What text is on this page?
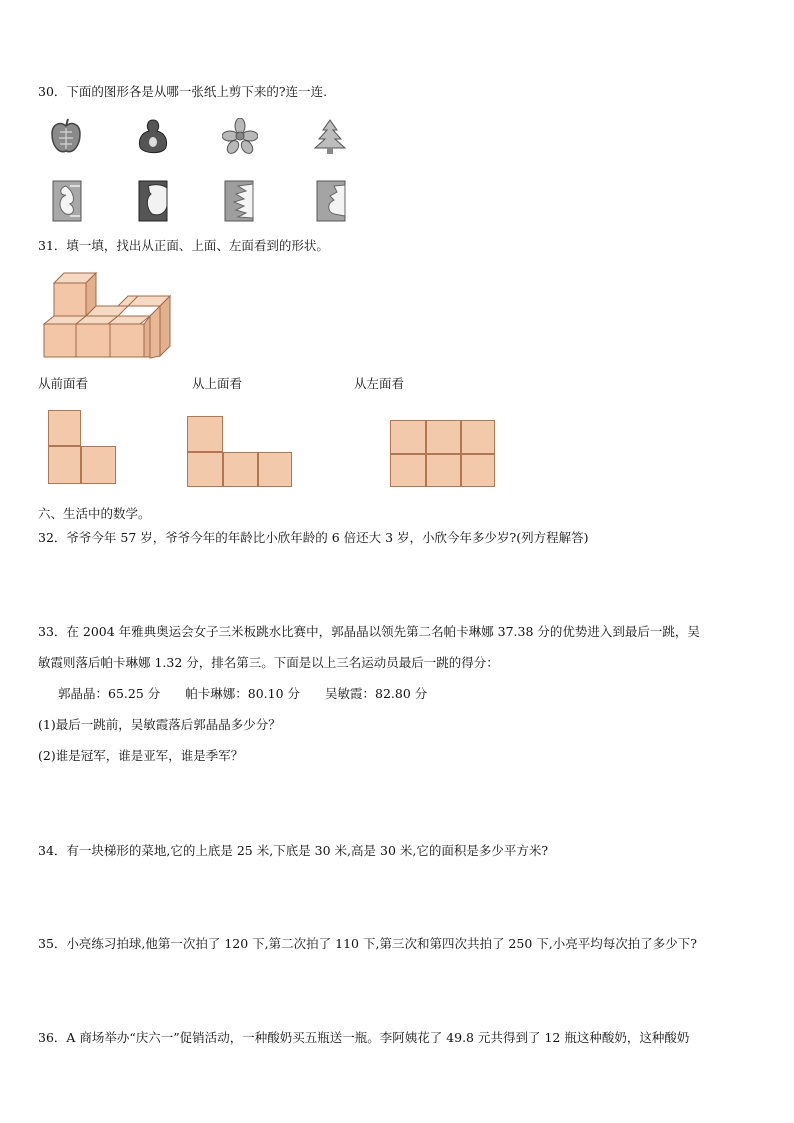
30．下面的图形各是从哪一张纸上剪下来的?连一连.
31．填一填，找出从正面、上面、左面看到的形状。
从前面看	从上面看	从左面看
六、生活中的数学。
32．爷爷今年 57 岁，爷爷今年的年龄比小欣年龄的 6 倍还大 3 岁，小欣今年多少岁?(列方程解答)
33．在 2004 年雅典奥运会女子三米板跳水比赛中，郭晶晶以领先第二名帕卡琳娜 37.38 分的优势进入到最后一跳，吴
敏霞则落后帕卡琳娜 1.32 分，排名第三。下面是以上三名运动员最后一跳的得分：
郭晶晶：65.25 分　　帕卡琳娜：80.10 分　　吴敏霞：82.80 分
(1)最后一跳前，吴敏霞落后郭晶晶多少分？
(2)谁是冠军，谁是亚军，谁是季军？
34．有一块梯形的菜地,它的上底是 25 米,下底是 30 米,高是 30 米,它的面积是多少平方米?
35．小亮练习拍球,他第一次拍了 120 下,第二次拍了 110 下,第三次和第四次共拍了 250 下,小亮平均每次拍了多少下?
36．A 商场举办“庆六一”促销活动，一种酸奶买五瓶送一瓶。李阿姨花了 49.8 元共得到了 12 瓶这种酸奶，这种酸奶
